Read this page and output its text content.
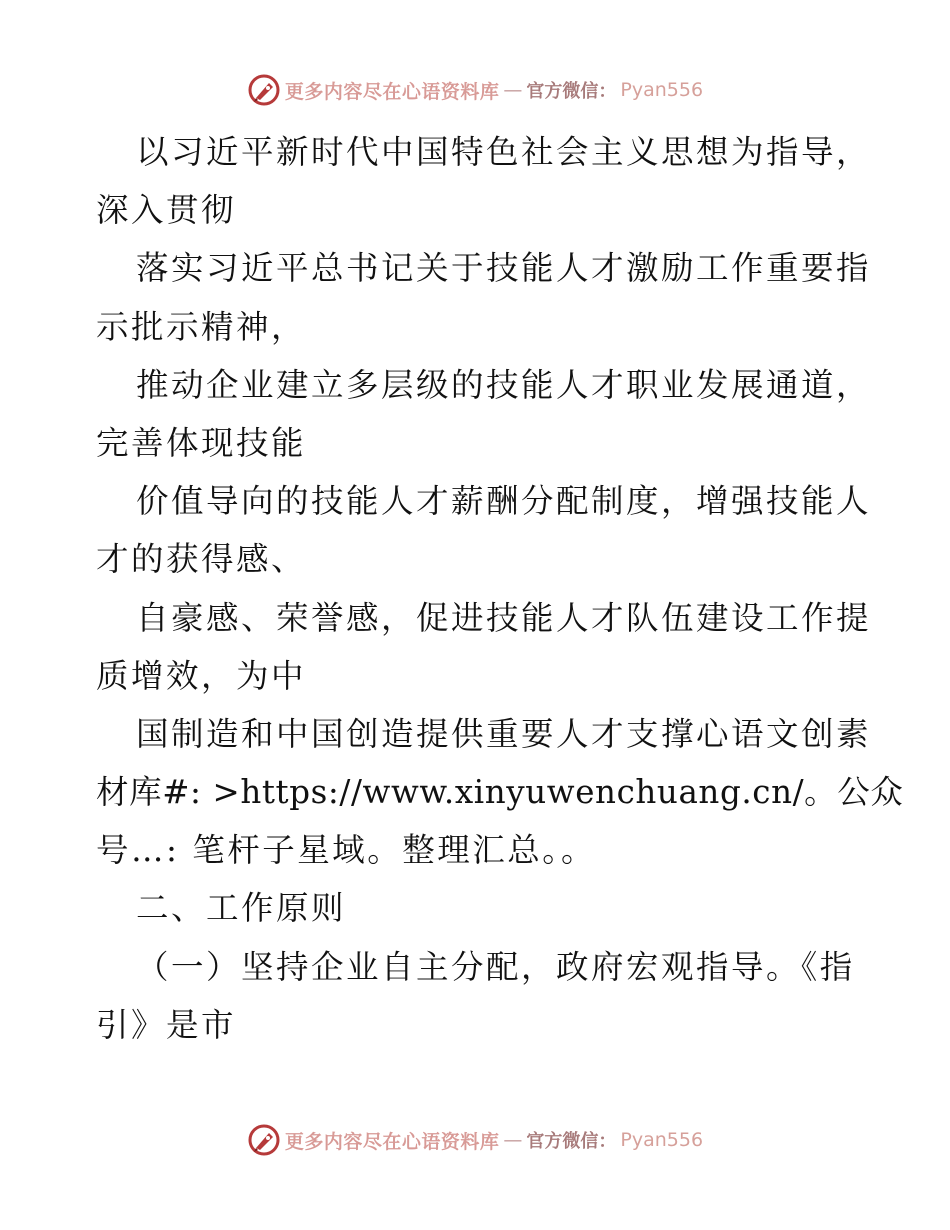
更多内容尽在心语资料库 — 官方微信： Pyan556
以习近平新时代中国特色社会主义思想为指导，
深入贯彻
落实习近平总书记关于技能人才激励工作重要指
示批示精神，
推动企业建立多层级的技能人才职业发展通道，
完善体现技能
价值导向的技能人才薪酬分配制度，增强技能人
才的获得感、
自豪感、荣誉感，促进技能人才队伍建设工作提
质增效，为中
国制造和中国创造提供重要人才支撑心语文创素
材库#: >https://www.xinyuwenchuang.cn/。公众
号…: 笔杆子星域。整理汇总。。
二、工作原则
（一）坚持企业自主分配，政府宏观指导。《指
引》是市
更多内容尽在心语资料库 — 官方微信： Pyan556
